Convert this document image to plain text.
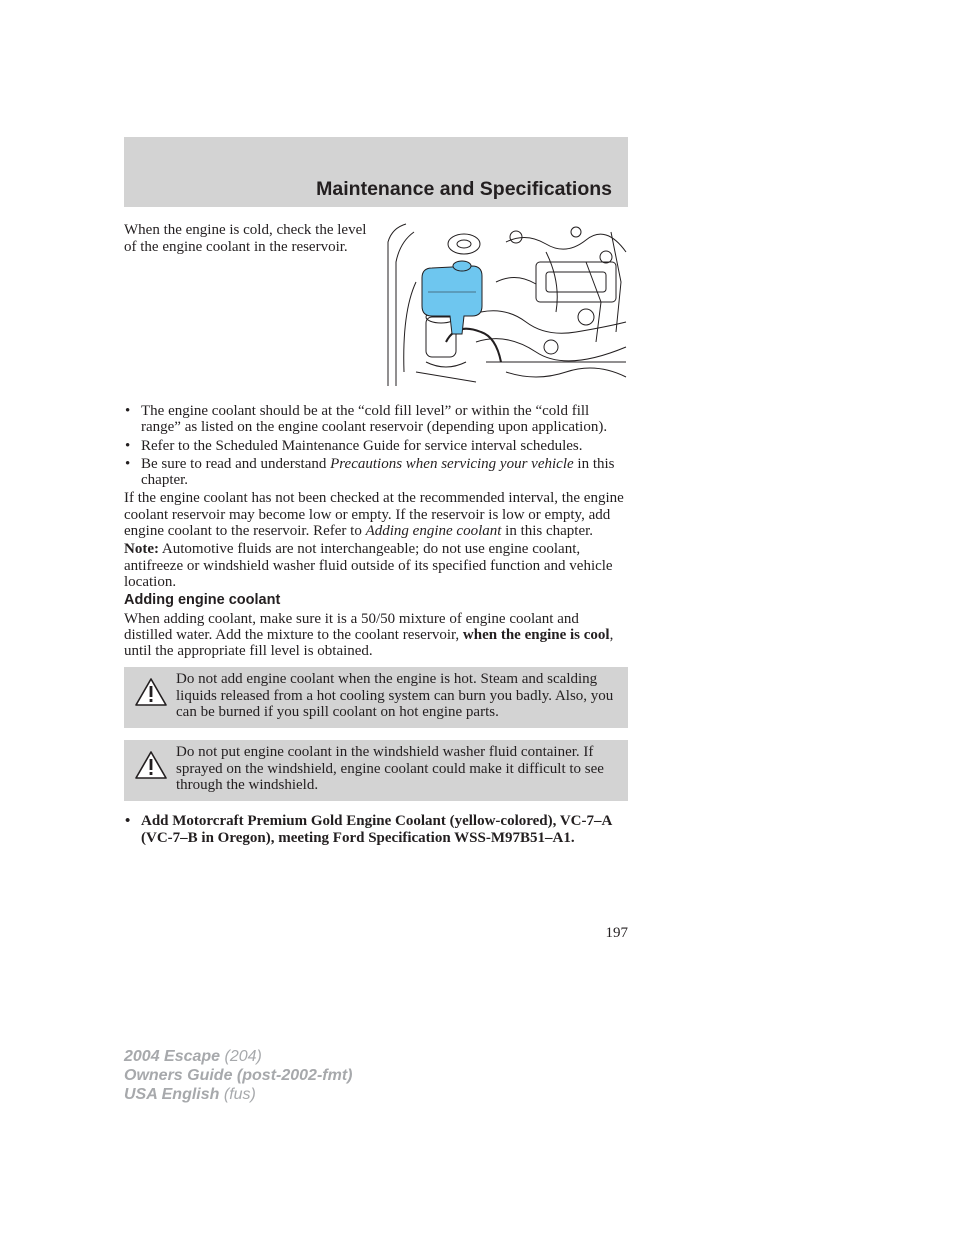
Maintenance and Specifications

When the engine is cold, check the level of the engine coolant in the reservoir.

• The engine coolant should be at the “cold fill level” or within the “cold fill range” as listed on the engine coolant reservoir (depending upon application).
• Refer to the Scheduled Maintenance Guide for service interval schedules.
• Be sure to read and understand Precautions when servicing your vehicle in this chapter.

If the engine coolant has not been checked at the recommended interval, the engine coolant reservoir may become low or empty. If the reservoir is low or empty, add engine coolant to the reservoir. Refer to Adding engine coolant in this chapter.

Note: Automotive fluids are not interchangeable; do not use engine coolant, antifreeze or windshield washer fluid outside of its specified function and vehicle location.

Adding engine coolant

When adding coolant, make sure it is a 50/50 mixture of engine coolant and distilled water. Add the mixture to the coolant reservoir, when the engine is cool, until the appropriate fill level is obtained.

Do not add engine coolant when the engine is hot. Steam and scalding liquids released from a hot cooling system can burn you badly. Also, you can be burned if you spill coolant on hot engine parts.
Do not put engine coolant in the windshield washer fluid container. If sprayed on the windshield, engine coolant could make it difficult to see through the windshield.
• Add Motorcraft Premium Gold Engine Coolant (yellow-colored), VC-7–A (VC-7–B in Oregon), meeting Ford Specification WSS-M97B51–A1.
197
2004 Escape (204)
Owners Guide (post-2002-fmt)
USA English (fus)
